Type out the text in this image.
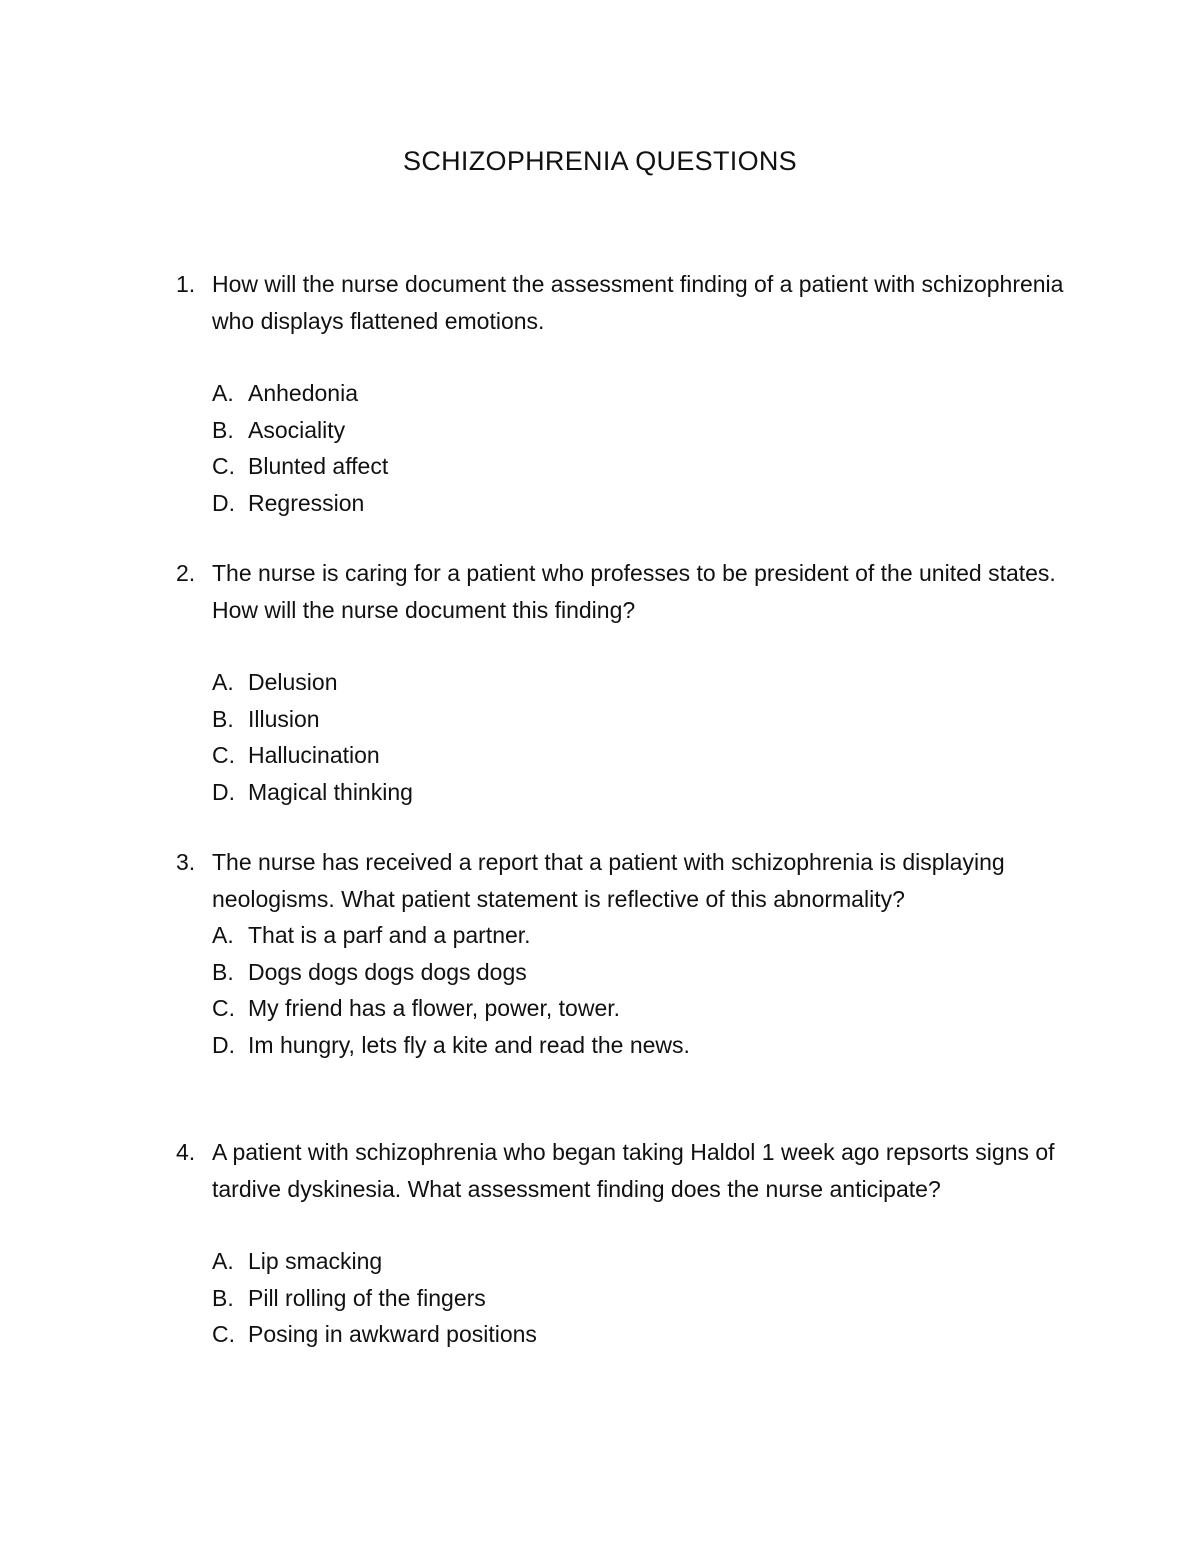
SCHIZOPHRENIA QUESTIONS
1. How will the nurse document the assessment finding of a patient with schizophrenia who displays flattened emotions.
A. Anhedonia
B. Asociality
C. Blunted affect
D. Regression
2. The nurse is caring for a patient who professes to be president of the united states. How will the nurse document this finding?
A. Delusion
B. Illusion
C. Hallucination
D. Magical thinking
3. The nurse has received a report that a patient with schizophrenia is displaying neologisms. What patient statement is reflective of this abnormality?
A. That is a parf and a partner.
B. Dogs dogs dogs dogs dogs
C. My friend has a flower, power, tower.
D. Im hungry, lets fly a kite and read the news.
4. A patient with schizophrenia who began taking Haldol 1 week ago repsorts signs of tardive dyskinesia. What assessment finding does the nurse anticipate?
A. Lip smacking
B. Pill rolling of the fingers
C. Posing in awkward positions
